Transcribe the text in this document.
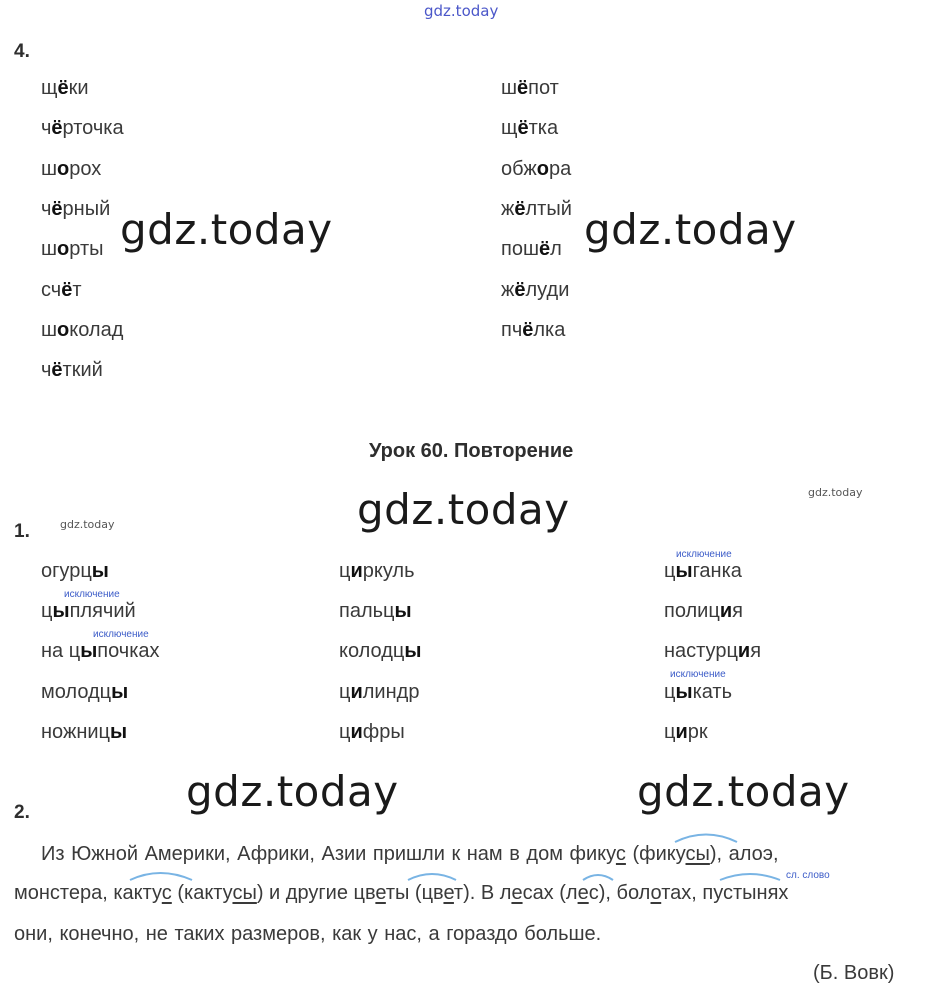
gdz.today
4.
щёки
чёрточка
шорох
чёрный
шорты
счёт
шоколад
чёткий
шёпот
щётка
обжора
жёлтый
пошёл
жёлуди
пчёлка
gdz.today	gdz.today
Урок 60. Повторение
gdz.today	gdz.today
gdz.today
1.
огурцы
цыплячий
на цыпочках
молодцы
ножницы
циркуль
пальцы
колодцы
цилиндр
цифры
цыганка
полиция
настурция
цыкать
цирк
исключение
исключение
исключение
исключение
gdz.today	gdz.today
2.
Из Южной Америки, Африки, Азии пришли к нам в дом фикус (фикусы), алоэ,
монстера, кактус (кактусы) и другие цветы (цвет). В лесах (лес), болотах, пустынях
сл. слово
они, конечно, не таких размеров, как у нас, а гораздо больше.
(Б. Вовк)
